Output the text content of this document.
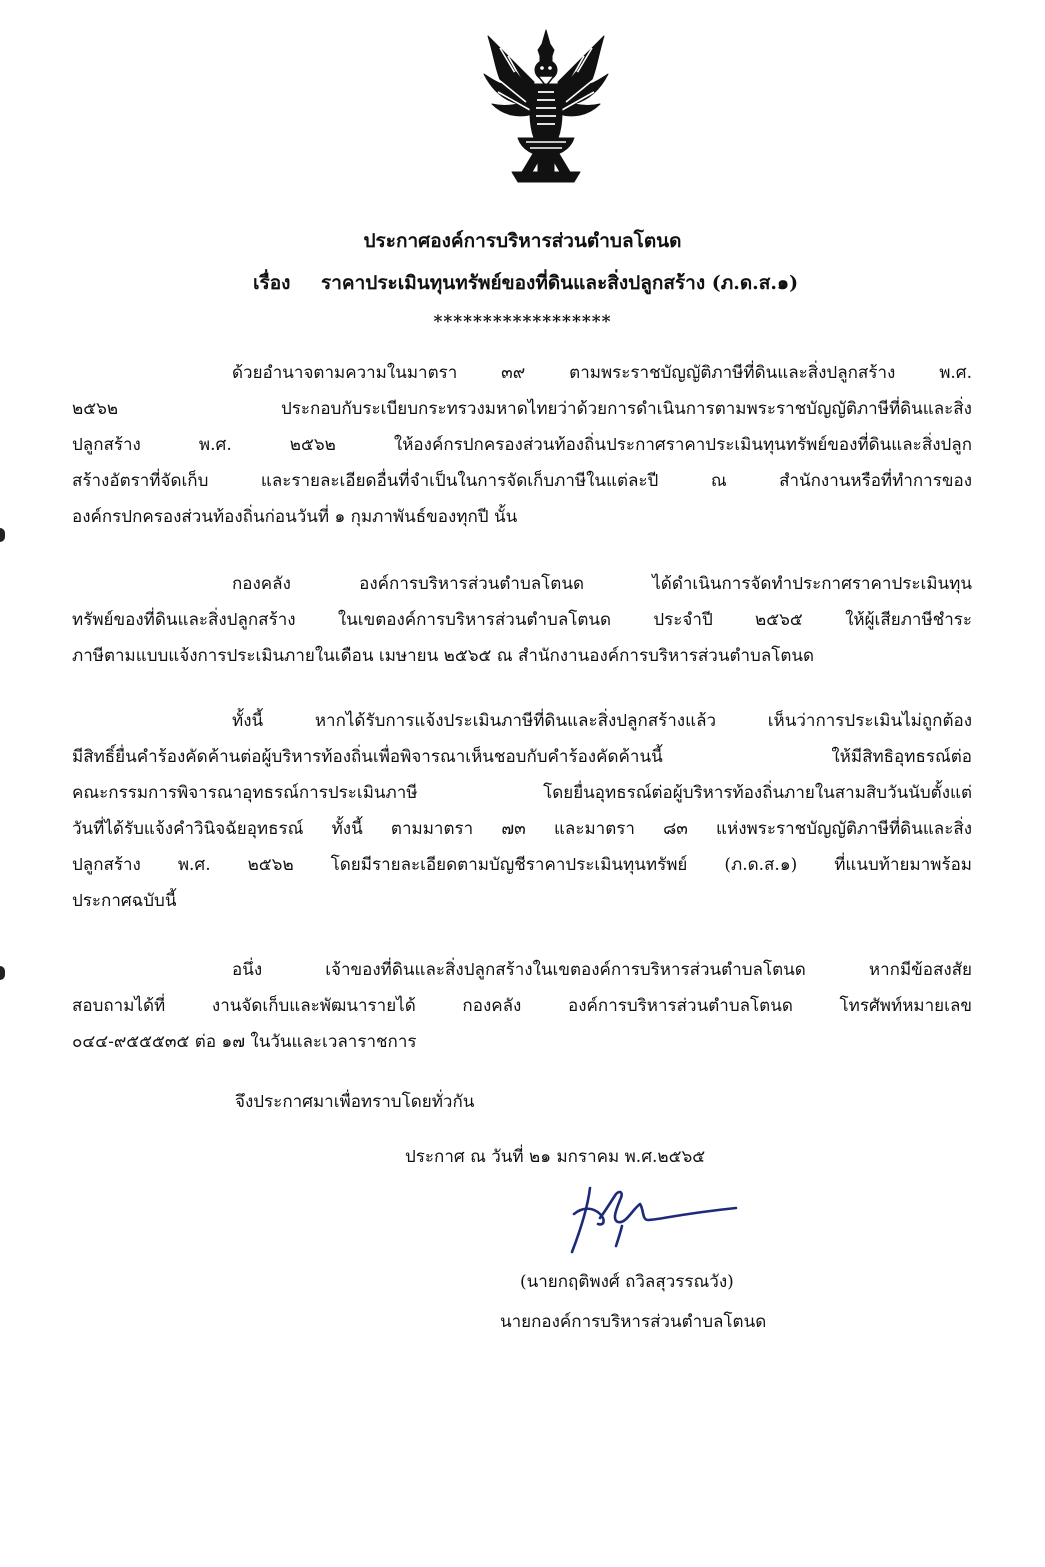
ประกาศองค์การบริหารส่วนตำบลโตนด
เรื่อง ราคาประเมินทุนทรัพย์ของที่ดินและสิ่งปลูกสร้าง (ภ.ด.ส.๑)
******************
ด้วยอำนาจตามความในมาตรา ๓๙ ตามพระราชบัญญัติภาษีที่ดินและสิ่งปลูกสร้าง พ.ศ.
๒๕๖๒ ประกอบกับระเบียบกระทรวงมหาดไทยว่าด้วยการดำเนินการตามพระราชบัญญัติภาษีที่ดินและสิ่ง
ปลูกสร้าง พ.ศ. ๒๕๖๒ ให้องค์กรปกครองส่วนท้องถิ่นประกาศราคาประเมินทุนทรัพย์ของที่ดินและสิ่งปลูก
สร้างอัตราที่จัดเก็บ และรายละเอียดอื่นที่จำเป็นในการจัดเก็บภาษีในแต่ละปี ณ สำนักงานหรือที่ทำการของ
องค์กรปกครองส่วนท้องถิ่นก่อนวันที่ ๑ กุมภาพันธ์ของทุกปี นั้น
กองคลัง องค์การบริหารส่วนตำบลโตนด ได้ดำเนินการจัดทำประกาศราคาประเมินทุน
ทรัพย์ของที่ดินและสิ่งปลูกสร้าง ในเขตองค์การบริหารส่วนตำบลโตนด ประจำปี ๒๕๖๕ ให้ผู้เสียภาษีชำระ
ภาษีตามแบบแจ้งการประเมินภายในเดือน เมษายน ๒๕๖๕ ณ สำนักงานองค์การบริหารส่วนตำบลโตนด
ทั้งนี้ หากได้รับการแจ้งประเมินภาษีที่ดินและสิ่งปลูกสร้างแล้ว เห็นว่าการประเมินไม่ถูกต้อง
มีสิทธิ์ยื่นคำร้องคัดค้านต่อผู้บริหารท้องถิ่นเพื่อพิจารณาเห็นชอบกับคำร้องคัดค้านนี้ ให้มีสิทธิอุทธรณ์ต่อ
คณะกรรมการพิจารณาอุทธรณ์การประเมินภาษี โดยยื่นอุทธรณ์ต่อผู้บริหารท้องถิ่นภายในสามสิบวันนับตั้งแต่
วันที่ได้รับแจ้งคำวินิจฉัยอุทธรณ์ ทั้งนี้ ตามมาตรา ๗๓ และมาตรา ๘๓ แห่งพระราชบัญญัติภาษีที่ดินและสิ่ง
ปลูกสร้าง พ.ศ. ๒๕๖๒ โดยมีรายละเอียดตามบัญชีราคาประเมินทุนทรัพย์ (ภ.ด.ส.๑) ที่แนบท้ายมาพร้อม
ประกาศฉบับนี้
อนึ่ง เจ้าของที่ดินและสิ่งปลูกสร้างในเขตองค์การบริหารส่วนตำบลโตนด หากมีข้อสงสัย
สอบถามได้ที่ งานจัดเก็บและพัฒนารายได้ กองคลัง องค์การบริหารส่วนตำบลโตนด โทรศัพท์หมายเลข
๐๔๔-๙๕๕๕๓๕ ต่อ ๑๗ ในวันและเวลาราชการ
จึงประกาศมาเพื่อทราบโดยทั่วกัน
ประกาศ ณ วันที่ ๒๑ มกราคม พ.ศ.๒๕๖๕
(นายกฤติพงศ์ ถวิลสุวรรณวัง)
นายกองค์การบริหารส่วนตำบลโตนด
